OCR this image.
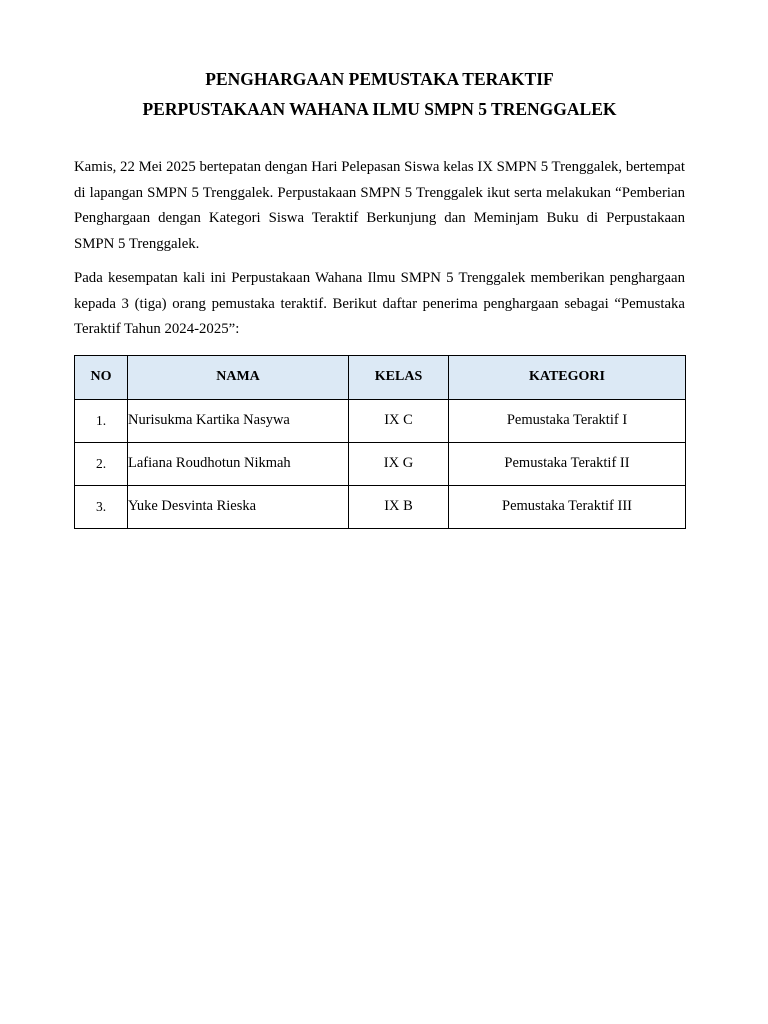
PENGHARGAAN PEMUSTAKA TERAKTIF
PERPUSTAKAAN WAHANA ILMU SMPN 5 TRENGGALEK

Kamis, 22 Mei 2025 bertepatan dengan Hari Pelepasan Siswa kelas IX SMPN 5 Trenggalek, bertempat di lapangan SMPN 5 Trenggalek. Perpustakaan SMPN 5 Trenggalek ikut serta melakukan “Pemberian Penghargaan dengan Kategori Siswa Teraktif Berkunjung dan Meminjam Buku di Perpustakaan SMPN 5 Trenggalek.

Pada kesempatan kali ini Perpustakaan Wahana Ilmu SMPN 5 Trenggalek memberikan penghargaan kepada 3 (tiga) orang pemustaka teraktif. Berikut daftar penerima penghargaan sebagai “Pemustaka Teraktif Tahun 2024-2025”:

NO	NAMA	KELAS	KATEGORI
1.	Nurisukma Kartika Nasywa	IX C	Pemustaka Teraktif I
2.	Lafiana Roudhotun Nikmah	IX G	Pemustaka Teraktif II
3.	Yuke Desvinta Rieska	IX B	Pemustaka Teraktif III
